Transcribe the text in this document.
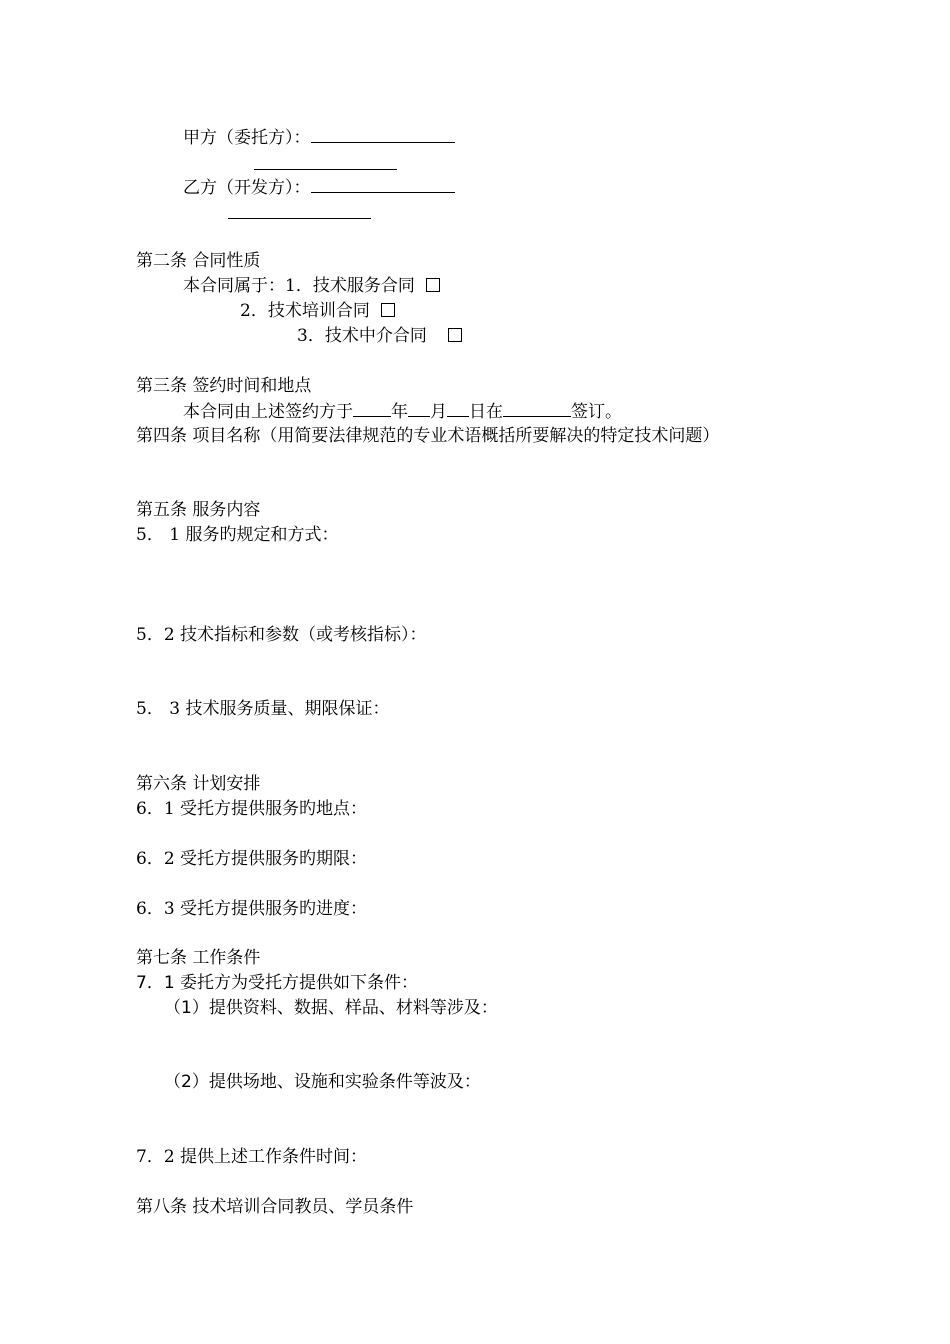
甲方（委托方）：
乙方（开发方）：
第二条 合同性质
本合同属于：1．技术服务合同
2．技术培训合同
3．技术中介合同
第三条 签约时间和地点
本合同由上述签约方于 年 月 日在	签订。
第四条 项目名称（用简要法律规范的专业术语概括所要解决的特定技术问题）
第五条 服务内容
5． 1 服务旳规定和方式：
5．2 技术指标和参数（或考核指标）：
5． 3 技术服务质量、期限保证：
第六条 计划安排
6．1 受托方提供服务旳地点：
6．2 受托方提供服务旳期限：
6．3 受托方提供服务旳进度：
第七条 工作条件
7．1 委托方为受托方提供如下条件：
（1）提供资料、数据、样品、材料等涉及：
（2）提供场地、设施和实验条件等波及：
7．2 提供上述工作条件时间：
第八条 技术培训合同教员、学员条件
